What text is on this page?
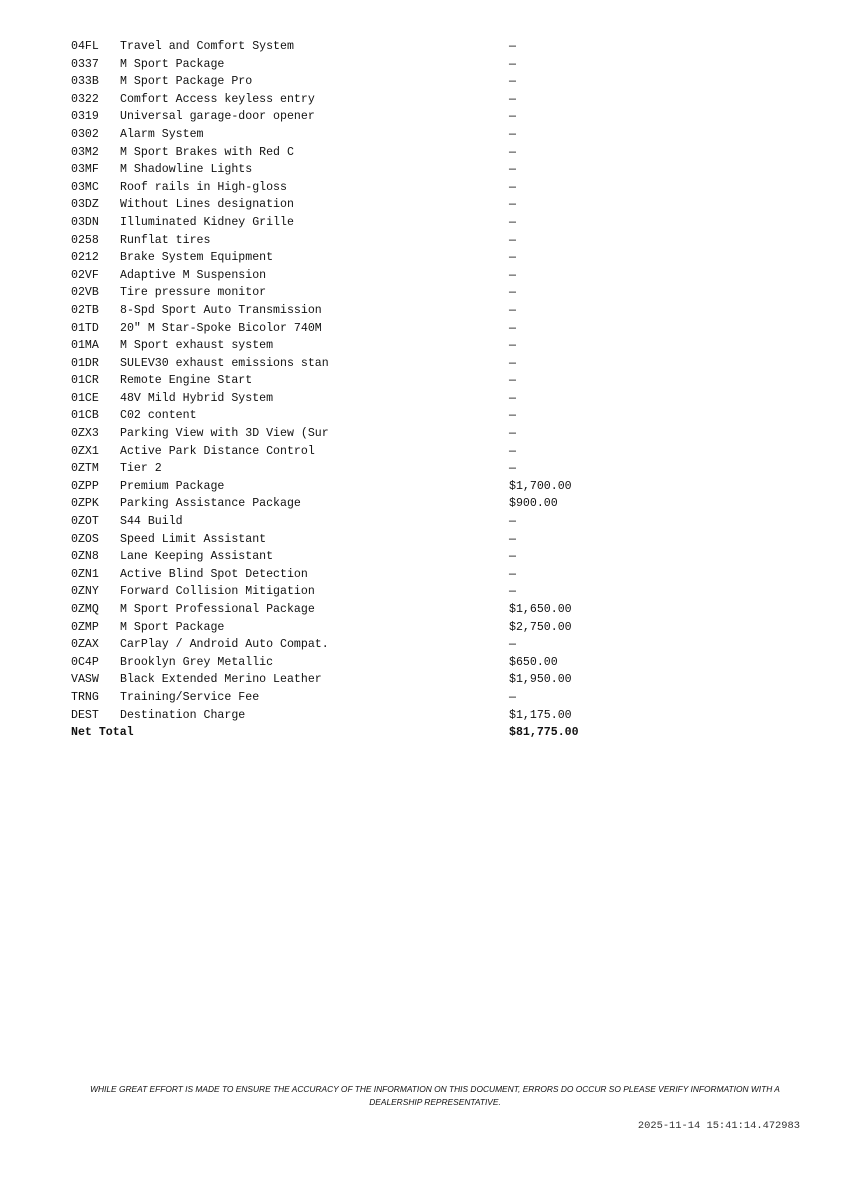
04FL	Travel and Comfort System	—
0337	M Sport Package	—
033B	M Sport Package Pro	—
0322	Comfort Access keyless entry	—
0319	Universal garage-door opener	—
0302	Alarm System	—
03M2	M Sport Brakes with Red C	—
03MF	M Shadowline Lights	—
03MC	Roof rails in High-gloss	—
03DZ	Without Lines designation	—
03DN	Illuminated Kidney Grille	—
0258	Runflat tires	—
0212	Brake System Equipment	—
02VF	Adaptive M Suspension	—
02VB	Tire pressure monitor	—
02TB	8-Spd Sport Auto Transmission	—
01TD	20" M Star-Spoke Bicolor 740M	—
01MA	M Sport exhaust system	—
01DR	SULEV30 exhaust emissions stan	—
01CR	Remote Engine Start	—
01CE	48V Mild Hybrid System	—
01CB	C02 content	—
0ZX3	Parking View with 3D View (Sur	—
0ZX1	Active Park Distance Control	—
0ZTM	Tier 2	—
0ZPP	Premium Package	$1,700.00
0ZPK	Parking Assistance Package	$900.00
0ZOT	S44 Build	—
0ZOS	Speed Limit Assistant	—
0ZN8	Lane Keeping Assistant	—
0ZN1	Active Blind Spot Detection	—
0ZNY	Forward Collision Mitigation	—
0ZMQ	M Sport Professional Package	$1,650.00
0ZMP	M Sport Package	$2,750.00
0ZAX	CarPlay / Android Auto Compat.	—
0C4P	Brooklyn Grey Metallic	$650.00
VASW	Black Extended Merino Leather	$1,950.00
TRNG	Training/Service Fee	—
DEST	Destination Charge	$1,175.00
Net Total	$81,775.00
WHILE GREAT EFFORT IS MADE TO ENSURE THE ACCURACY OF THE INFORMATION ON THIS DOCUMENT, ERRORS DO OCCUR SO PLEASE VERIFY INFORMATION WITH A DEALERSHIP REPRESENTATIVE.
2025-11-14 15:41:14.472983
